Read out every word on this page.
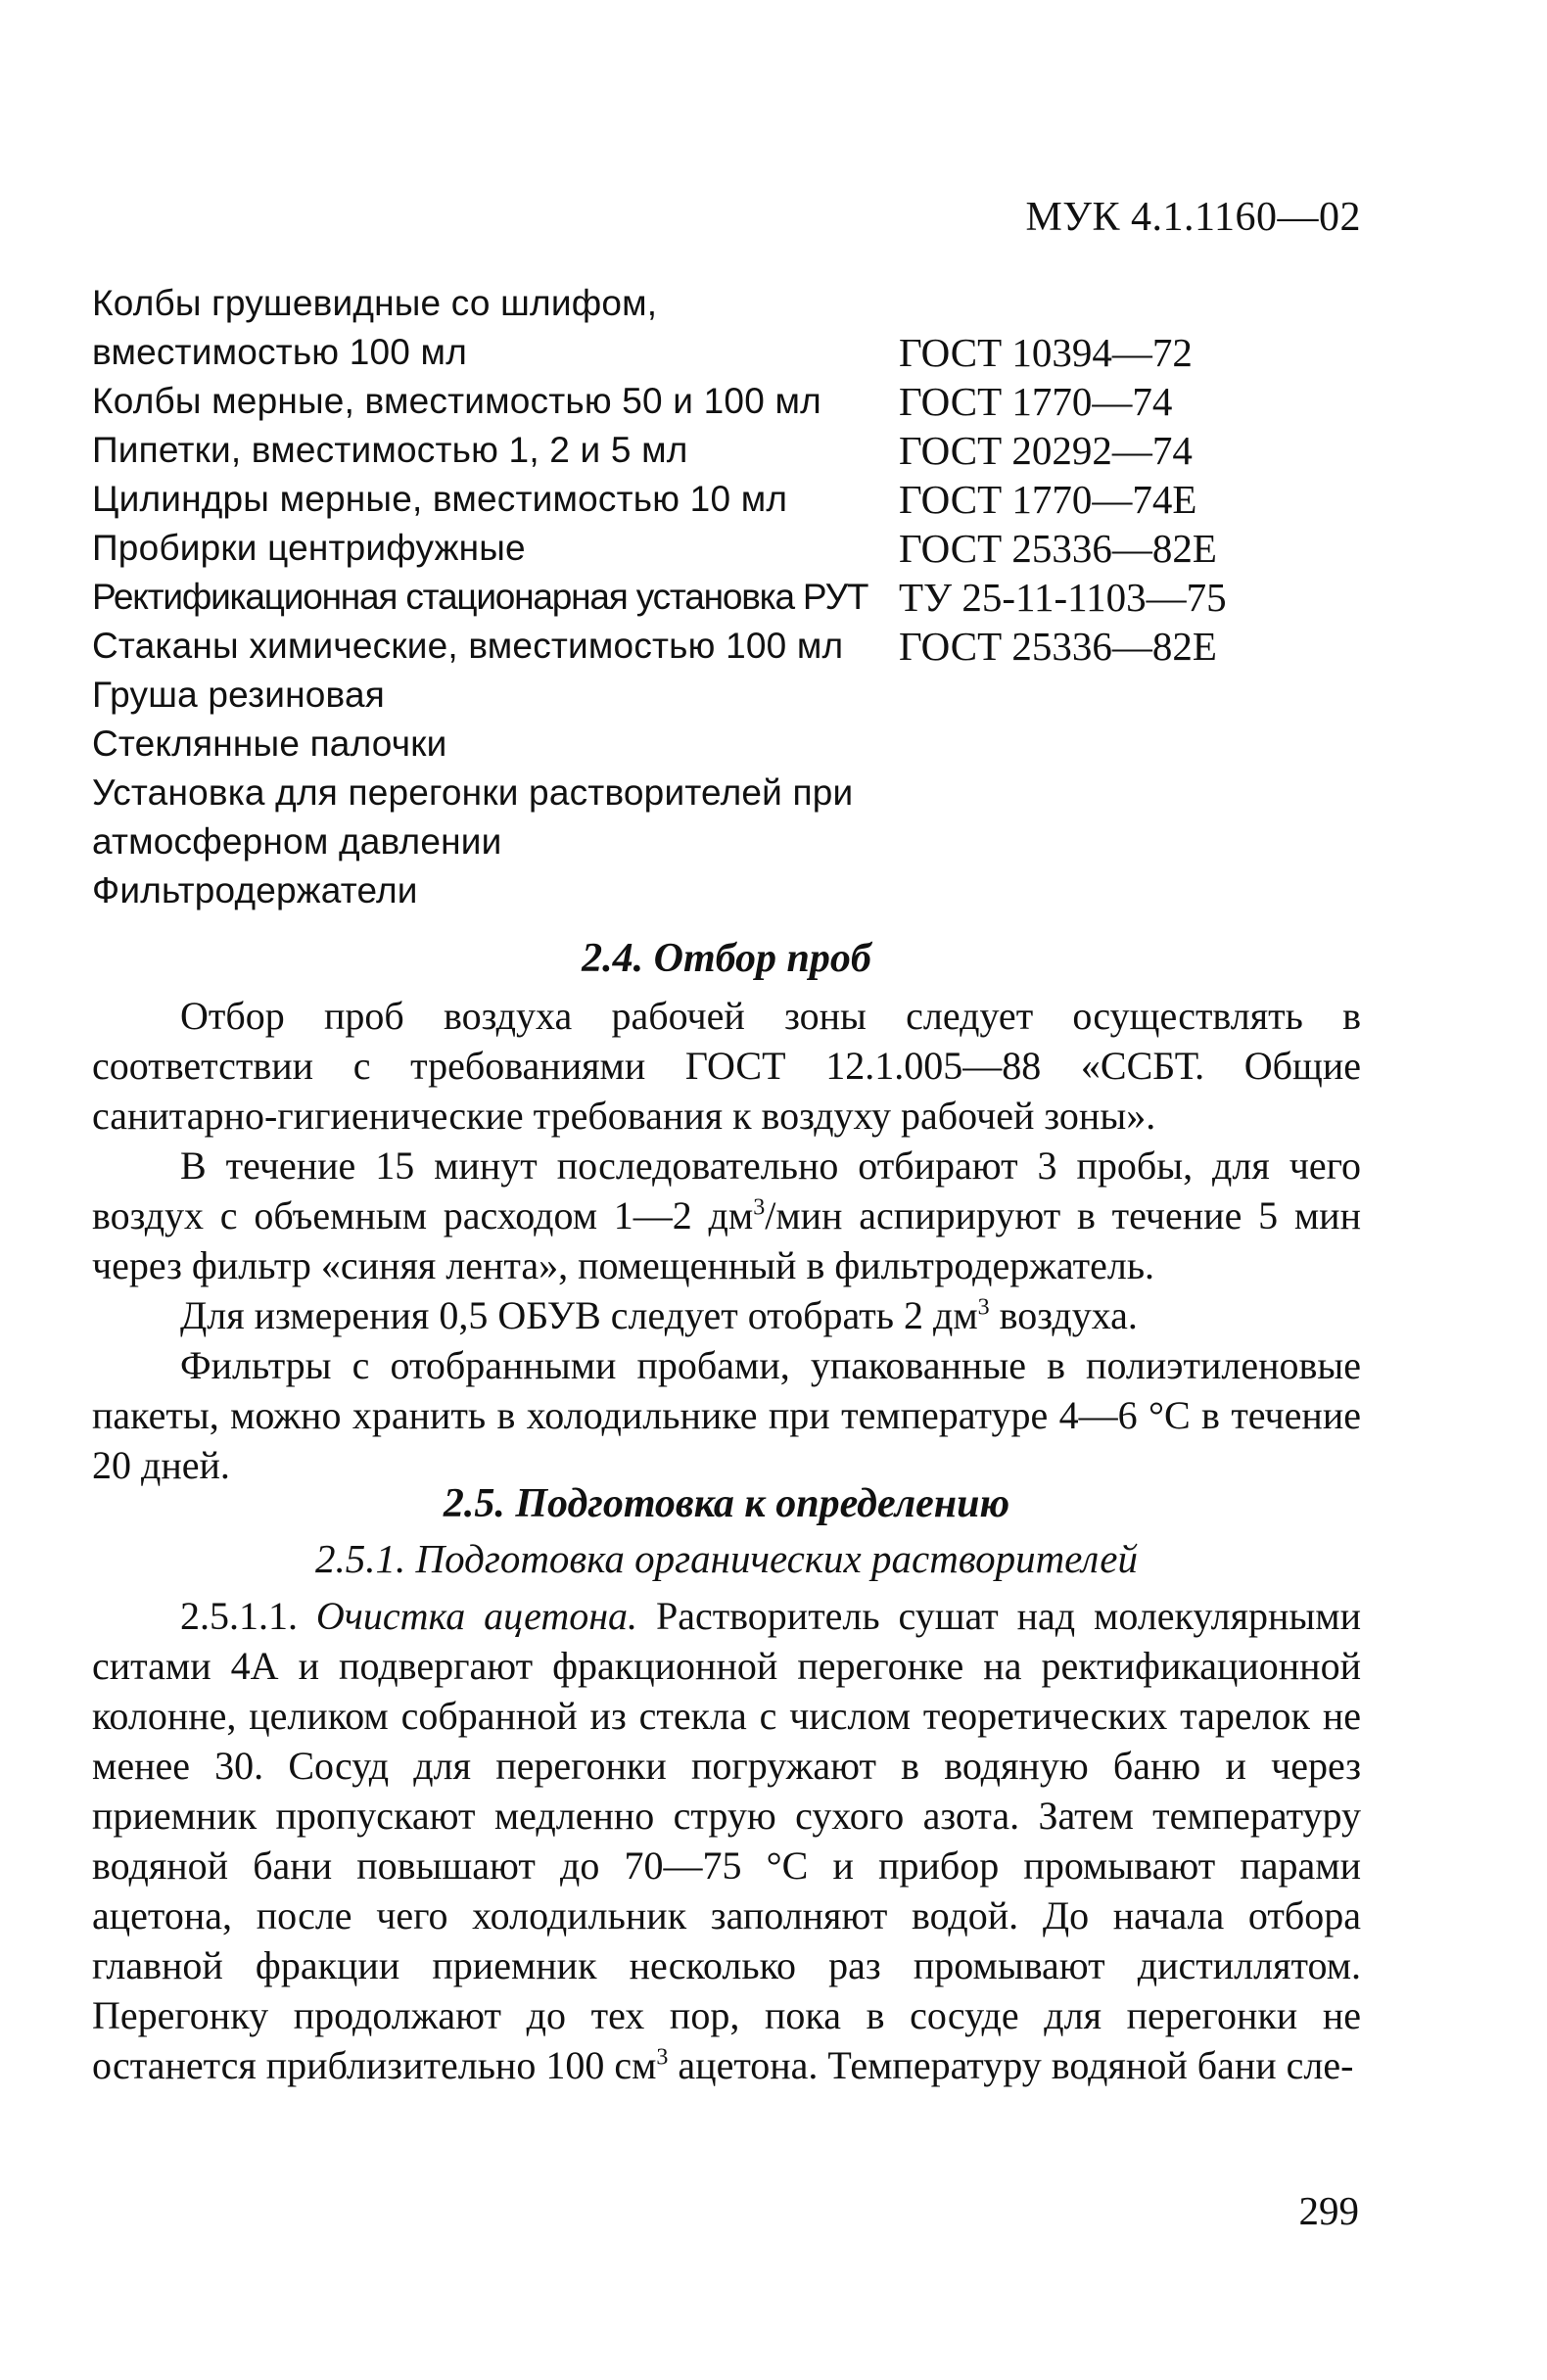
МУК 4.1.1160—02
Колбы грушевидные со шлифом,
вместимостью 100 мл	ГОСТ 10394—72
Колбы мерные, вместимостью 50 и 100 мл	ГОСТ 1770—74
Пипетки, вместимостью 1, 2 и 5 мл	ГОСТ 20292—74
Цилиндры мерные, вместимостью 10 мл	ГОСТ 1770—74Е
Пробирки центрифужные	ГОСТ 25336—82Е
Ректификационная стационарная установка РУТ ТУ 25-11-1103—75
Стаканы химические, вместимостью 100 мл	ГОСТ 25336—82Е
Груша резиновая
Стеклянные палочки
Установка для перегонки растворителей при
атмосферном давлении
Фильтродержатели
2.4. Отбор проб

Отбор проб воздуха рабочей зоны следует осуществлять в соответствии с требованиями ГОСТ 12.1.005—88 «ССБТ. Общие санитарно-гигиенические требования к воздуху рабочей зоны».

В течение 15 минут последовательно отбирают 3 пробы, для чего воздух с объемным расходом 1—2 $дм^3$/мин аспирируют в течение 5 мин через фильтр «синяя лента», помещенный в фильтродержатель.

Для измерения 0,5 ОБУВ следует отобрать 2 $дм^3$ воздуха.

Фильтры с отобранными пробами, упакованные в полиэтиленовые пакеты, можно хранить в холодильнике при температуре 4—6 °С в течение 20 дней.

2.5. Подготовка к определению
2.5.1. Подготовка органических растворителей

2.5.1.1. Очистка ацетона. Растворитель сушат над молекулярными ситами 4А и подвергают фракционной перегонке на ректификационной колонне, целиком собранной из стекла с числом теоретических тарелок не менее 30. Сосуд для перегонки погружают в водяную баню и через приемник пропускают медленно струю сухого азота. Затем температуру водяной бани повышают до 70—75 °С и прибор промывают парами ацетона, после чего холодильник заполняют водой. До начала отбора главной фракции приемник несколько раз промывают дистиллятом. Перегонку продолжают до тех пор, пока в сосуде для перегонки не останется приблизительно 100 $см^3$ ацетона. Температуру водяной бани сле-

299
